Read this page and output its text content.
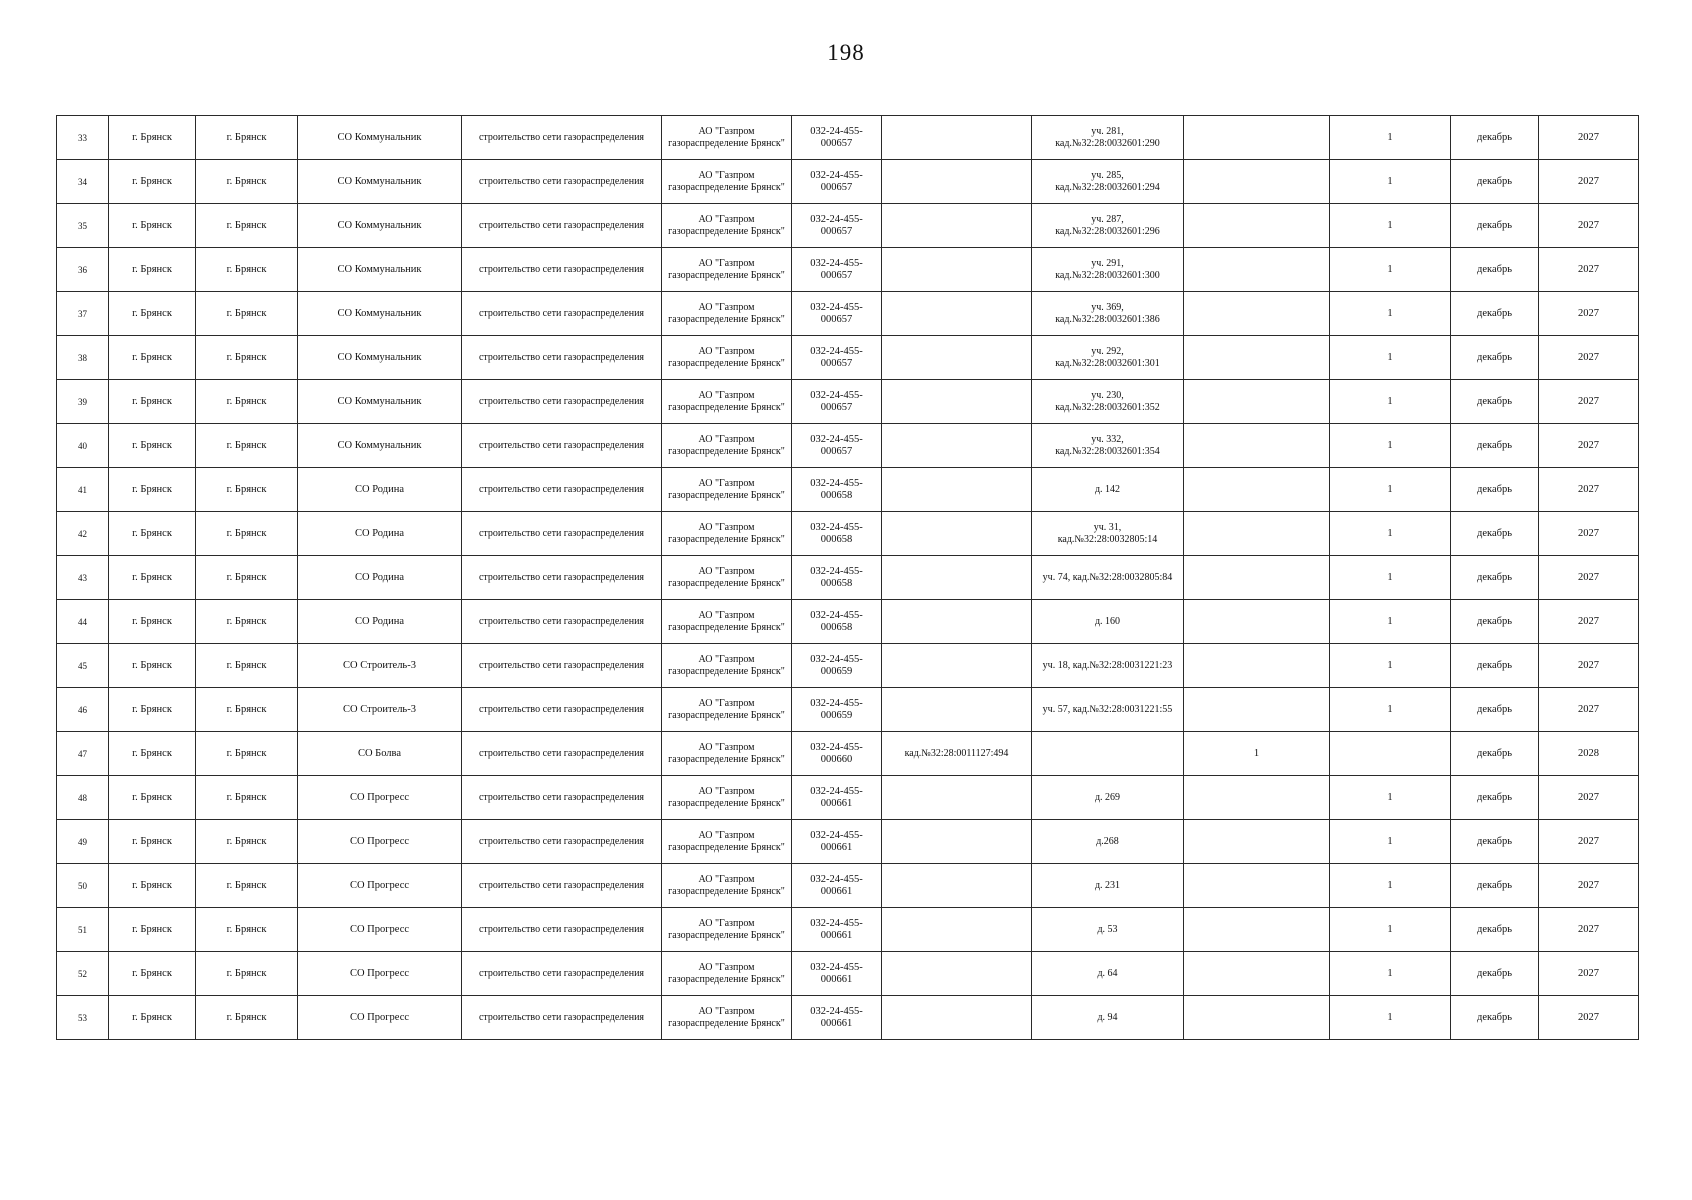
198
33	г. Брянск	г. Брянск	СО Коммунальник	строительство сети газораспределения	АО "Газпром газораспределение Брянск"	032-24-455-
000657		уч. 281,
кад.№32:28:0032601:290		1	декабрь	2027
34	г. Брянск	г. Брянск	СО Коммунальник	строительство сети газораспределения	АО "Газпром газораспределение Брянск"	032-24-455-
000657		уч. 285,
кад.№32:28:0032601:294		1	декабрь	2027
35	г. Брянск	г. Брянск	СО Коммунальник	строительство сети газораспределения	АО "Газпром газораспределение Брянск"	032-24-455-
000657		уч. 287,
кад.№32:28:0032601:296		1	декабрь	2027
36	г. Брянск	г. Брянск	СО Коммунальник	строительство сети газораспределения	АО "Газпром газораспределение Брянск"	032-24-455-
000657		уч. 291,
кад.№32:28:0032601:300		1	декабрь	2027
37	г. Брянск	г. Брянск	СО Коммунальник	строительство сети газораспределения	АО "Газпром газораспределение Брянск"	032-24-455-
000657		уч. 369,
кад.№32:28:0032601:386		1	декабрь	2027
38	г. Брянск	г. Брянск	СО Коммунальник	строительство сети газораспределения	АО "Газпром газораспределение Брянск"	032-24-455-
000657		уч. 292,
кад.№32:28:0032601:301		1	декабрь	2027
39	г. Брянск	г. Брянск	СО Коммунальник	строительство сети газораспределения	АО "Газпром газораспределение Брянск"	032-24-455-
000657		уч. 230,
кад.№32:28:0032601:352		1	декабрь	2027
40	г. Брянск	г. Брянск	СО Коммунальник	строительство сети газораспределения	АО "Газпром газораспределение Брянск"	032-24-455-
000657		уч. 332,
кад.№32:28:0032601:354		1	декабрь	2027
41	г. Брянск	г. Брянск	СО Родина	строительство сети газораспределения	АО "Газпром газораспределение Брянск"	032-24-455-
000658		д. 142		1	декабрь	2027
42	г. Брянск	г. Брянск	СО Родина	строительство сети газораспределения	АО "Газпром газораспределение Брянск"	032-24-455-
000658		уч. 31,
кад.№32:28:0032805:14		1	декабрь	2027
43	г. Брянск	г. Брянск	СО Родина	строительство сети газораспределения	АО "Газпром газораспределение Брянск"	032-24-455-
000658		уч. 74, кад.№32:28:0032805:84		1	декабрь	2027
44	г. Брянск	г. Брянск	СО Родина	строительство сети газораспределения	АО "Газпром газораспределение Брянск"	032-24-455-
000658		д. 160		1	декабрь	2027
45	г. Брянск	г. Брянск	СО Строитель-3	строительство сети газораспределения	АО "Газпром газораспределение Брянск"	032-24-455-
000659		уч. 18, кад.№32:28:0031221:23		1	декабрь	2027
46	г. Брянск	г. Брянск	СО Строитель-3	строительство сети газораспределения	АО "Газпром газораспределение Брянск"	032-24-455-
000659		уч. 57, кад.№32:28:0031221:55		1	декабрь	2027
47	г. Брянск	г. Брянск	СО Болва	строительство сети газораспределения	АО "Газпром газораспределение Брянск"	032-24-455-
000660	кад.№32:28:0011127:494		1		декабрь	2028
48	г. Брянск	г. Брянск	СО Прогресс	строительство сети газораспределения	АО "Газпром газораспределение Брянск"	032-24-455-
000661		д. 269		1	декабрь	2027
49	г. Брянск	г. Брянск	СО Прогресс	строительство сети газораспределения	АО "Газпром газораспределение Брянск"	032-24-455-
000661		д.268		1	декабрь	2027
50	г. Брянск	г. Брянск	СО Прогресс	строительство сети газораспределения	АО "Газпром газораспределение Брянск"	032-24-455-
000661		д. 231		1	декабрь	2027
51	г. Брянск	г. Брянск	СО Прогресс	строительство сети газораспределения	АО "Газпром газораспределение Брянск"	032-24-455-
000661		д. 53		1	декабрь	2027
52	г. Брянск	г. Брянск	СО Прогресс	строительство сети газораспределения	АО "Газпром газораспределение Брянск"	032-24-455-
000661		д. 64		1	декабрь	2027
53	г. Брянск	г. Брянск	СО Прогресс	строительство сети газораспределения	АО "Газпром газораспределение Брянск"	032-24-455-
000661		д. 94		1	декабрь	2027
